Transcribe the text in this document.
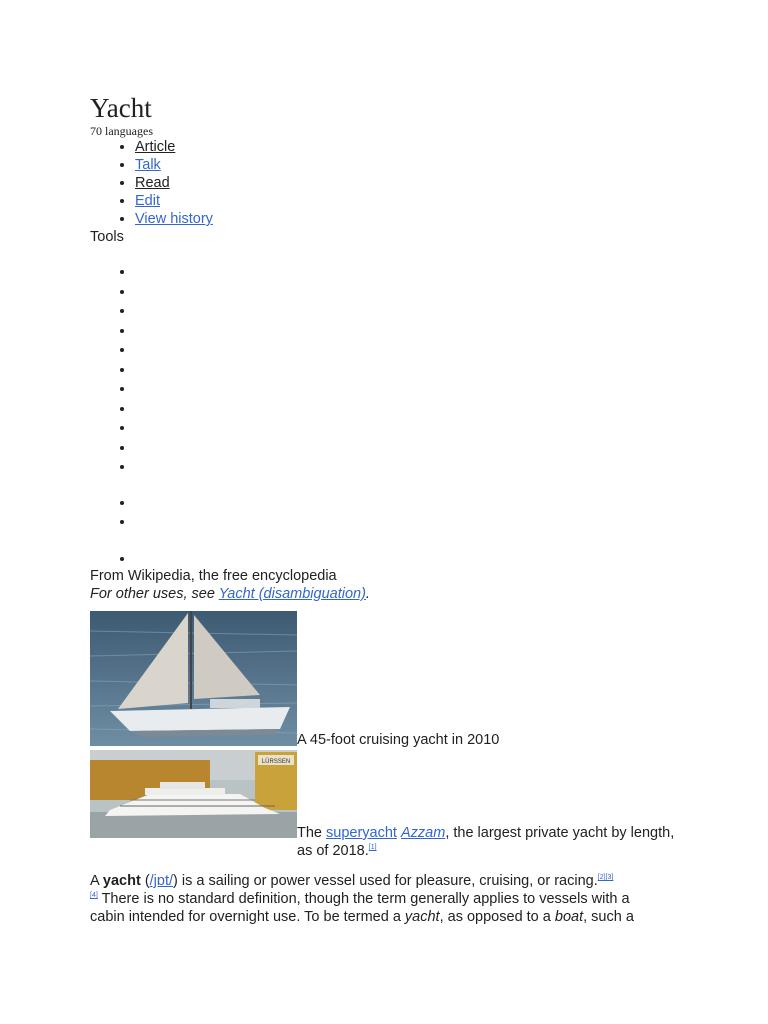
Yacht
70 languages
• Article
• Talk
• Read
• Edit
• View history
Tools
•
•
•
•
•
•
•
•
•
•
•
•
•
•
From Wikipedia, the free encyclopedia
For other uses, see Yacht (disambiguation).
A 45-foot cruising yacht in 2010
LÜRSSEN
The superyacht Azzam, the largest private yacht by length, as of 2018.[1]

A yacht (/jɒt/) is a sailing or power vessel used for pleasure, cruising, or racing.[2][3]
[4] There is no standard definition, though the term generally applies to vessels with a cabin intended for overnight use. To be termed a yacht, as opposed to a boat, such a
